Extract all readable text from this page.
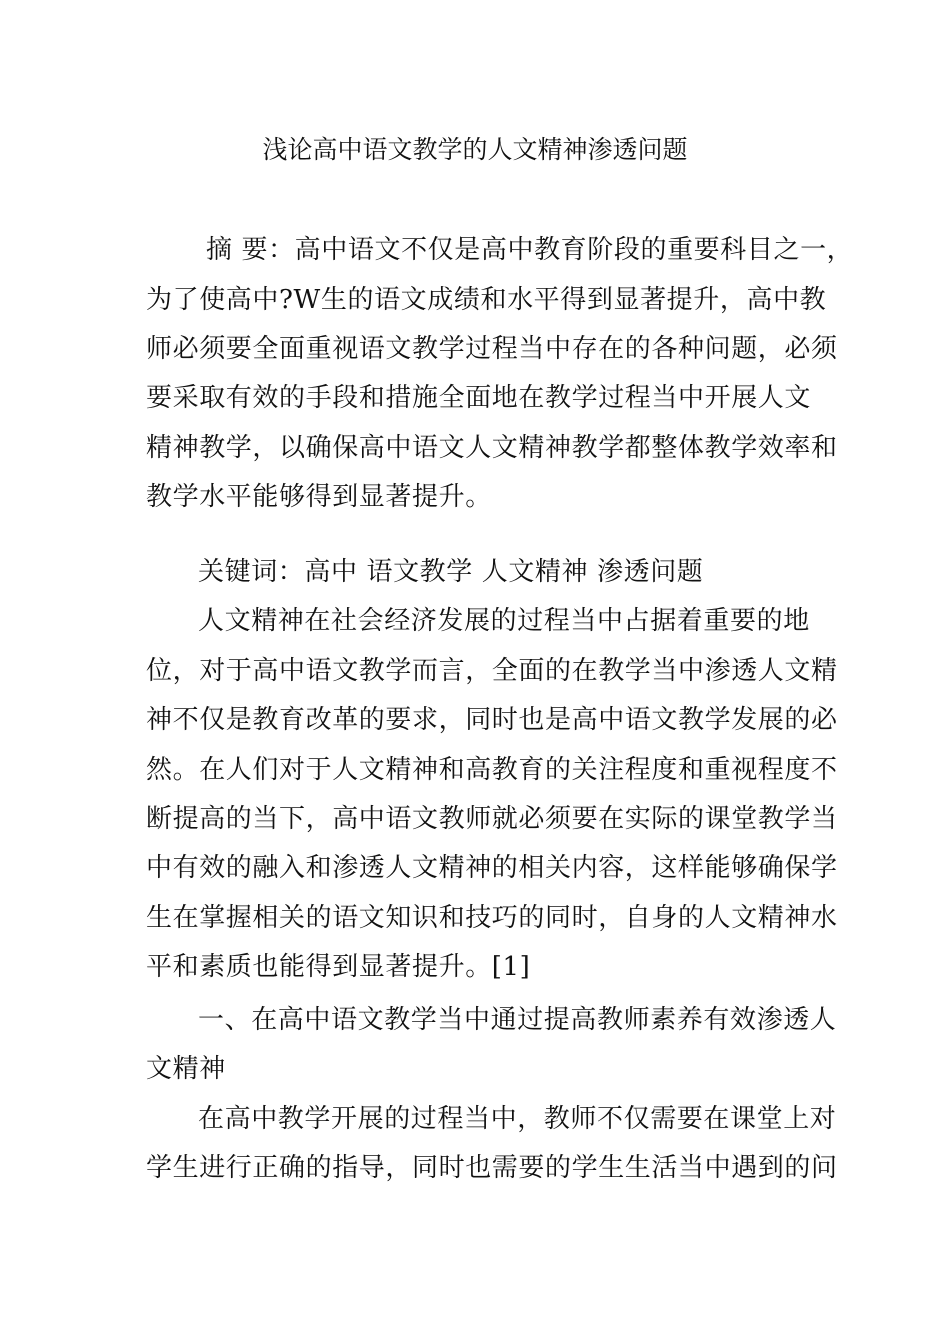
浅论高中语文教学的人文精神渗透问题
摘 要：高中语文不仅是高中教育阶段的重要科目之一，
为了使高中?W生的语文成绩和水平得到显著提升，高中教
师必须要全面重视语文教学过程当中存在的各种问题，必须
要采取有效的手段和措施全面地在教学过程当中开展人文
精神教学，以确保高中语文人文精神教学都整体教学效率和
教学水平能够得到显著提升。
关键词：高中 语文教学 人文精神 渗透问题
人文精神在社会经济发展的过程当中占据着重要的地
位，对于高中语文教学而言，全面的在教学当中渗透人文精
神不仅是教育改革的要求，同时也是高中语文教学发展的必
然。在人们对于人文精神和高教育的关注程度和重视程度不
断提高的当下，高中语文教师就必须要在实际的课堂教学当
中有效的融入和渗透人文精神的相关内容，这样能够确保学
生在掌握相关的语文知识和技巧的同时，自身的人文精神水
平和素质也能得到显著提升。[1]
一、在高中语文教学当中通过提高教师素养有效渗透人
文精神
在高中教学开展的过程当中，教师不仅需要在课堂上对
学生进行正确的指导，同时也需要的学生生活当中遇到的问
